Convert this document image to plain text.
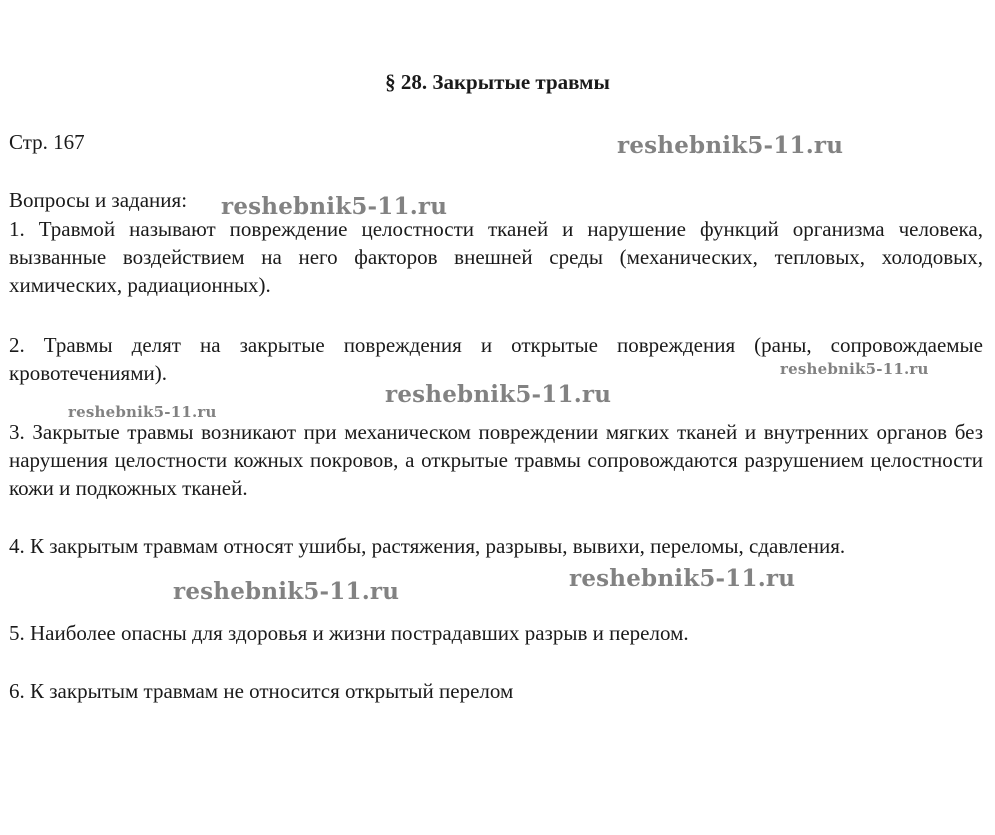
§ 28. Закрытые травмы

Стр. 167

Вопросы и задания:

1. Травмой называют повреждение целостности тканей и нарушение функций организма человека, вызванные воздействием на него факторов внешней среды (механических, тепловых, холодовых, химических, радиационных).

2. Травмы делят на закрытые повреждения и открытые повреждения (раны, сопровождаемые кровотечениями).

3. Закрытые травмы возникают при механическом повреждении мягких тканей и внутренних органов без нарушения целостности кожных покровов, а открытые травмы сопровождаются разрушением целостности кожи и подкожных тканей.

4. К закрытым травмам относят ушибы, растяжения, разрывы, вывихи, переломы, сдавления.

5. Наиболее опасны для здоровья и жизни пострадавших разрыв и перелом.

6. К закрытым травмам не относится открытый перелом

reshebnik5-11.ru
reshebnik5-11.ru
reshebnik5-11.ru
reshebnik5-11.ru
reshebnik5-11.ru
reshebnik5-11.ru
reshebnik5-11.ru
